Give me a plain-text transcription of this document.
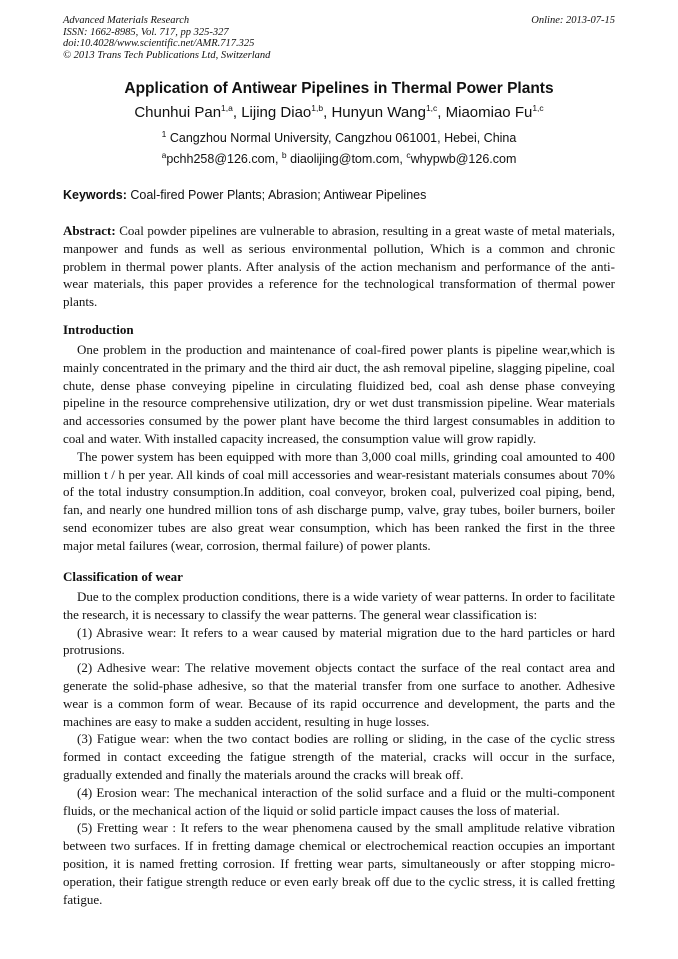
Advanced Materials Research
ISSN: 1662-8985, Vol. 717, pp 325-327
doi:10.4028/www.scientific.net/AMR.717.325
© 2013 Trans Tech Publications Ltd, Switzerland
Online: 2013-07-15
Application of Antiwear Pipelines in Thermal Power Plants
Chunhui Pan$^{1,a}$, Lijing Diao$^{1,b}$, Hunyun Wang$^{1,c}$, Miaomiao Fu$^{1,c}$
$^1$ Cangzhou Normal University, Cangzhou 061001, Hebei, China
$^a$pchh258@126.com, $^b$ diaolijing@tom.com, $^c$whypwb@126.com
Keywords: Coal-fired Power Plants; Abrasion; Antiwear Pipelines
Abstract: Coal powder pipelines are vulnerable to abrasion, resulting in a great waste of metal materials, manpower and funds as well as serious environmental pollution, Which is a common and chronic problem in thermal power plants. After analysis of the action mechanism and performance of the anti-wear materials, this paper provides a reference for the technological transformation of thermal power plants.
Introduction

One problem in the production and maintenance of coal-fired power plants is pipeline wear,which is mainly concentrated in the primary and the third air duct, the ash removal pipeline, slagging pipeline, coal chute, dense phase conveying pipeline in circulating fluidized bed, coal ash dense phase conveying pipeline in the resource comprehensive utilization, dry or wet dust transmission pipeline. Wear materials and accessories consumed by the power plant have become the third largest consumables in addition to coal and water. With installed capacity increased, the consumption value will grow rapidly.

The power system has been equipped with more than 3,000 coal mills, grinding coal amounted to 400 million t / h per year. All kinds of coal mill accessories and wear-resistant materials consumes about 70% of the total industry consumption.In addition, coal conveyor, broken coal, pulverized coal piping, bend, fan, and nearly one hundred million tons of ash discharge pump, valve, gray tubes, boiler burners, boiler send economizer tubes are also great wear consumption, which has been ranked the first in the three major metal failures (wear, corrosion, thermal failure) of power plants.

Classification of wear

Due to the complex production conditions, there is a wide variety of wear patterns. In order to facilitate the research, it is necessary to classify the wear patterns. The general wear classification is:

(1) Abrasive wear: It refers to a wear caused by material migration due to the hard particles or hard protrusions.

(2) Adhesive wear: The relative movement objects contact the surface of the real contact area and generate the solid-phase adhesive, so that the material transfer from one surface to another. Adhesive wear is a common form of wear. Because of its rapid occurrence and development, the parts and the machines are easy to make a sudden accident, resulting in huge losses.

(3) Fatigue wear: when the two contact bodies are rolling or sliding, in the case of the cyclic stress formed in contact exceeding the fatigue strength of the material, cracks will occur in the surface, gradually extended and finally the materials around the cracks will break off.

(4) Erosion wear: The mechanical interaction of the solid surface and a fluid or the multi-component fluids, or the mechanical action of the liquid or solid particle impact causes the loss of material.

(5) Fretting wear : It refers to the wear phenomena caused by the small amplitude relative vibration between two surfaces. If in fretting damage chemical or electrochemical reaction occupies an important position, it is named fretting corrosion. If fretting wear parts, simultaneously or after stopping micro-operation, their fatigue strength reduce or even early break off due to the cyclic stress, it is called fretting fatigue.
